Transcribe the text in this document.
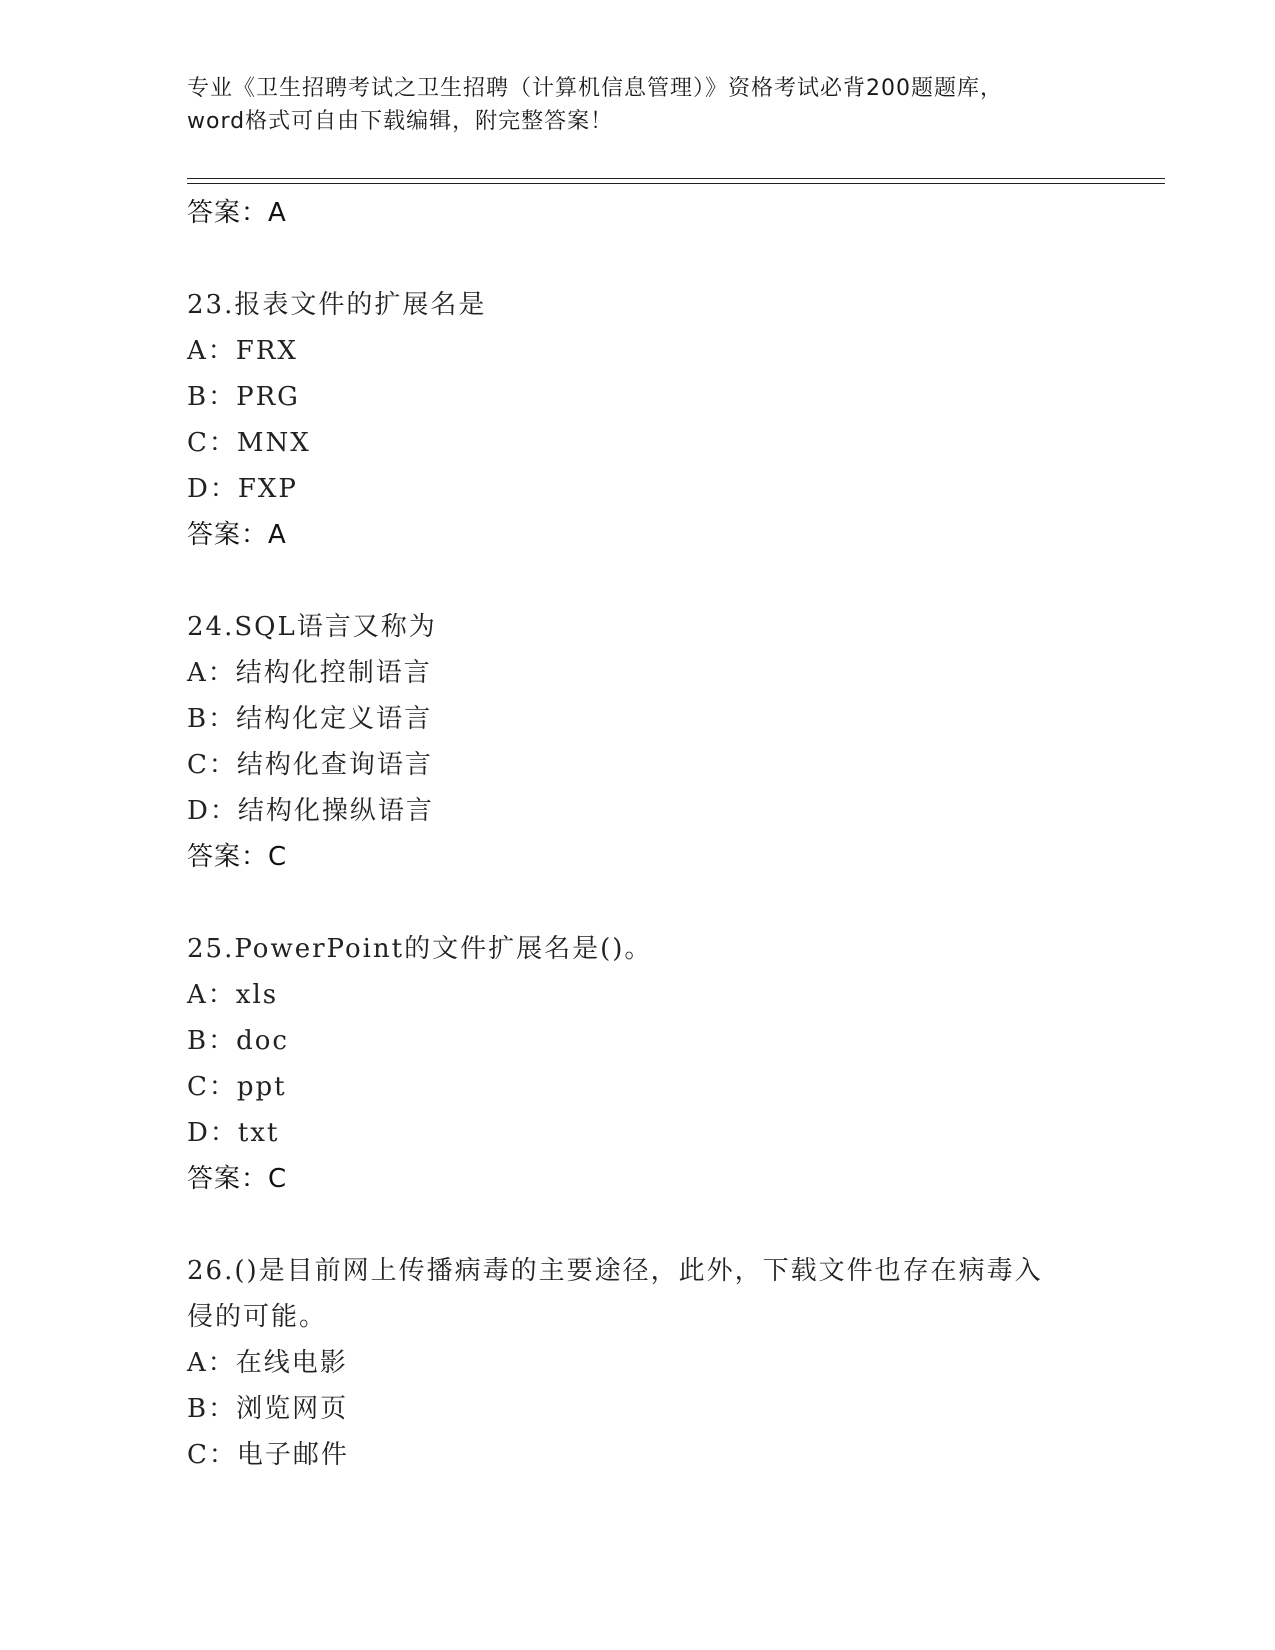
专业《卫生招聘考试之卫生招聘（计算机信息管理）》资格考试必背200题题库，
word格式可自由下载编辑，附完整答案！
答案：A
23.报表文件的扩展名是
A：FRX
B：PRG
C：MNX
D：FXP
答案：A
24.SQL语言又称为
A：结构化控制语言
B：结构化定义语言
C：结构化查询语言
D：结构化操纵语言
答案：C
25.PowerPoint的文件扩展名是()。
A：xls
B：doc
C：ppt
D：txt
答案：C
26.()是目前网上传播病毒的主要途径，此外，下载文件也存在病毒入侵的可能。
A：在线电影
B：浏览网页
C：电子邮件
